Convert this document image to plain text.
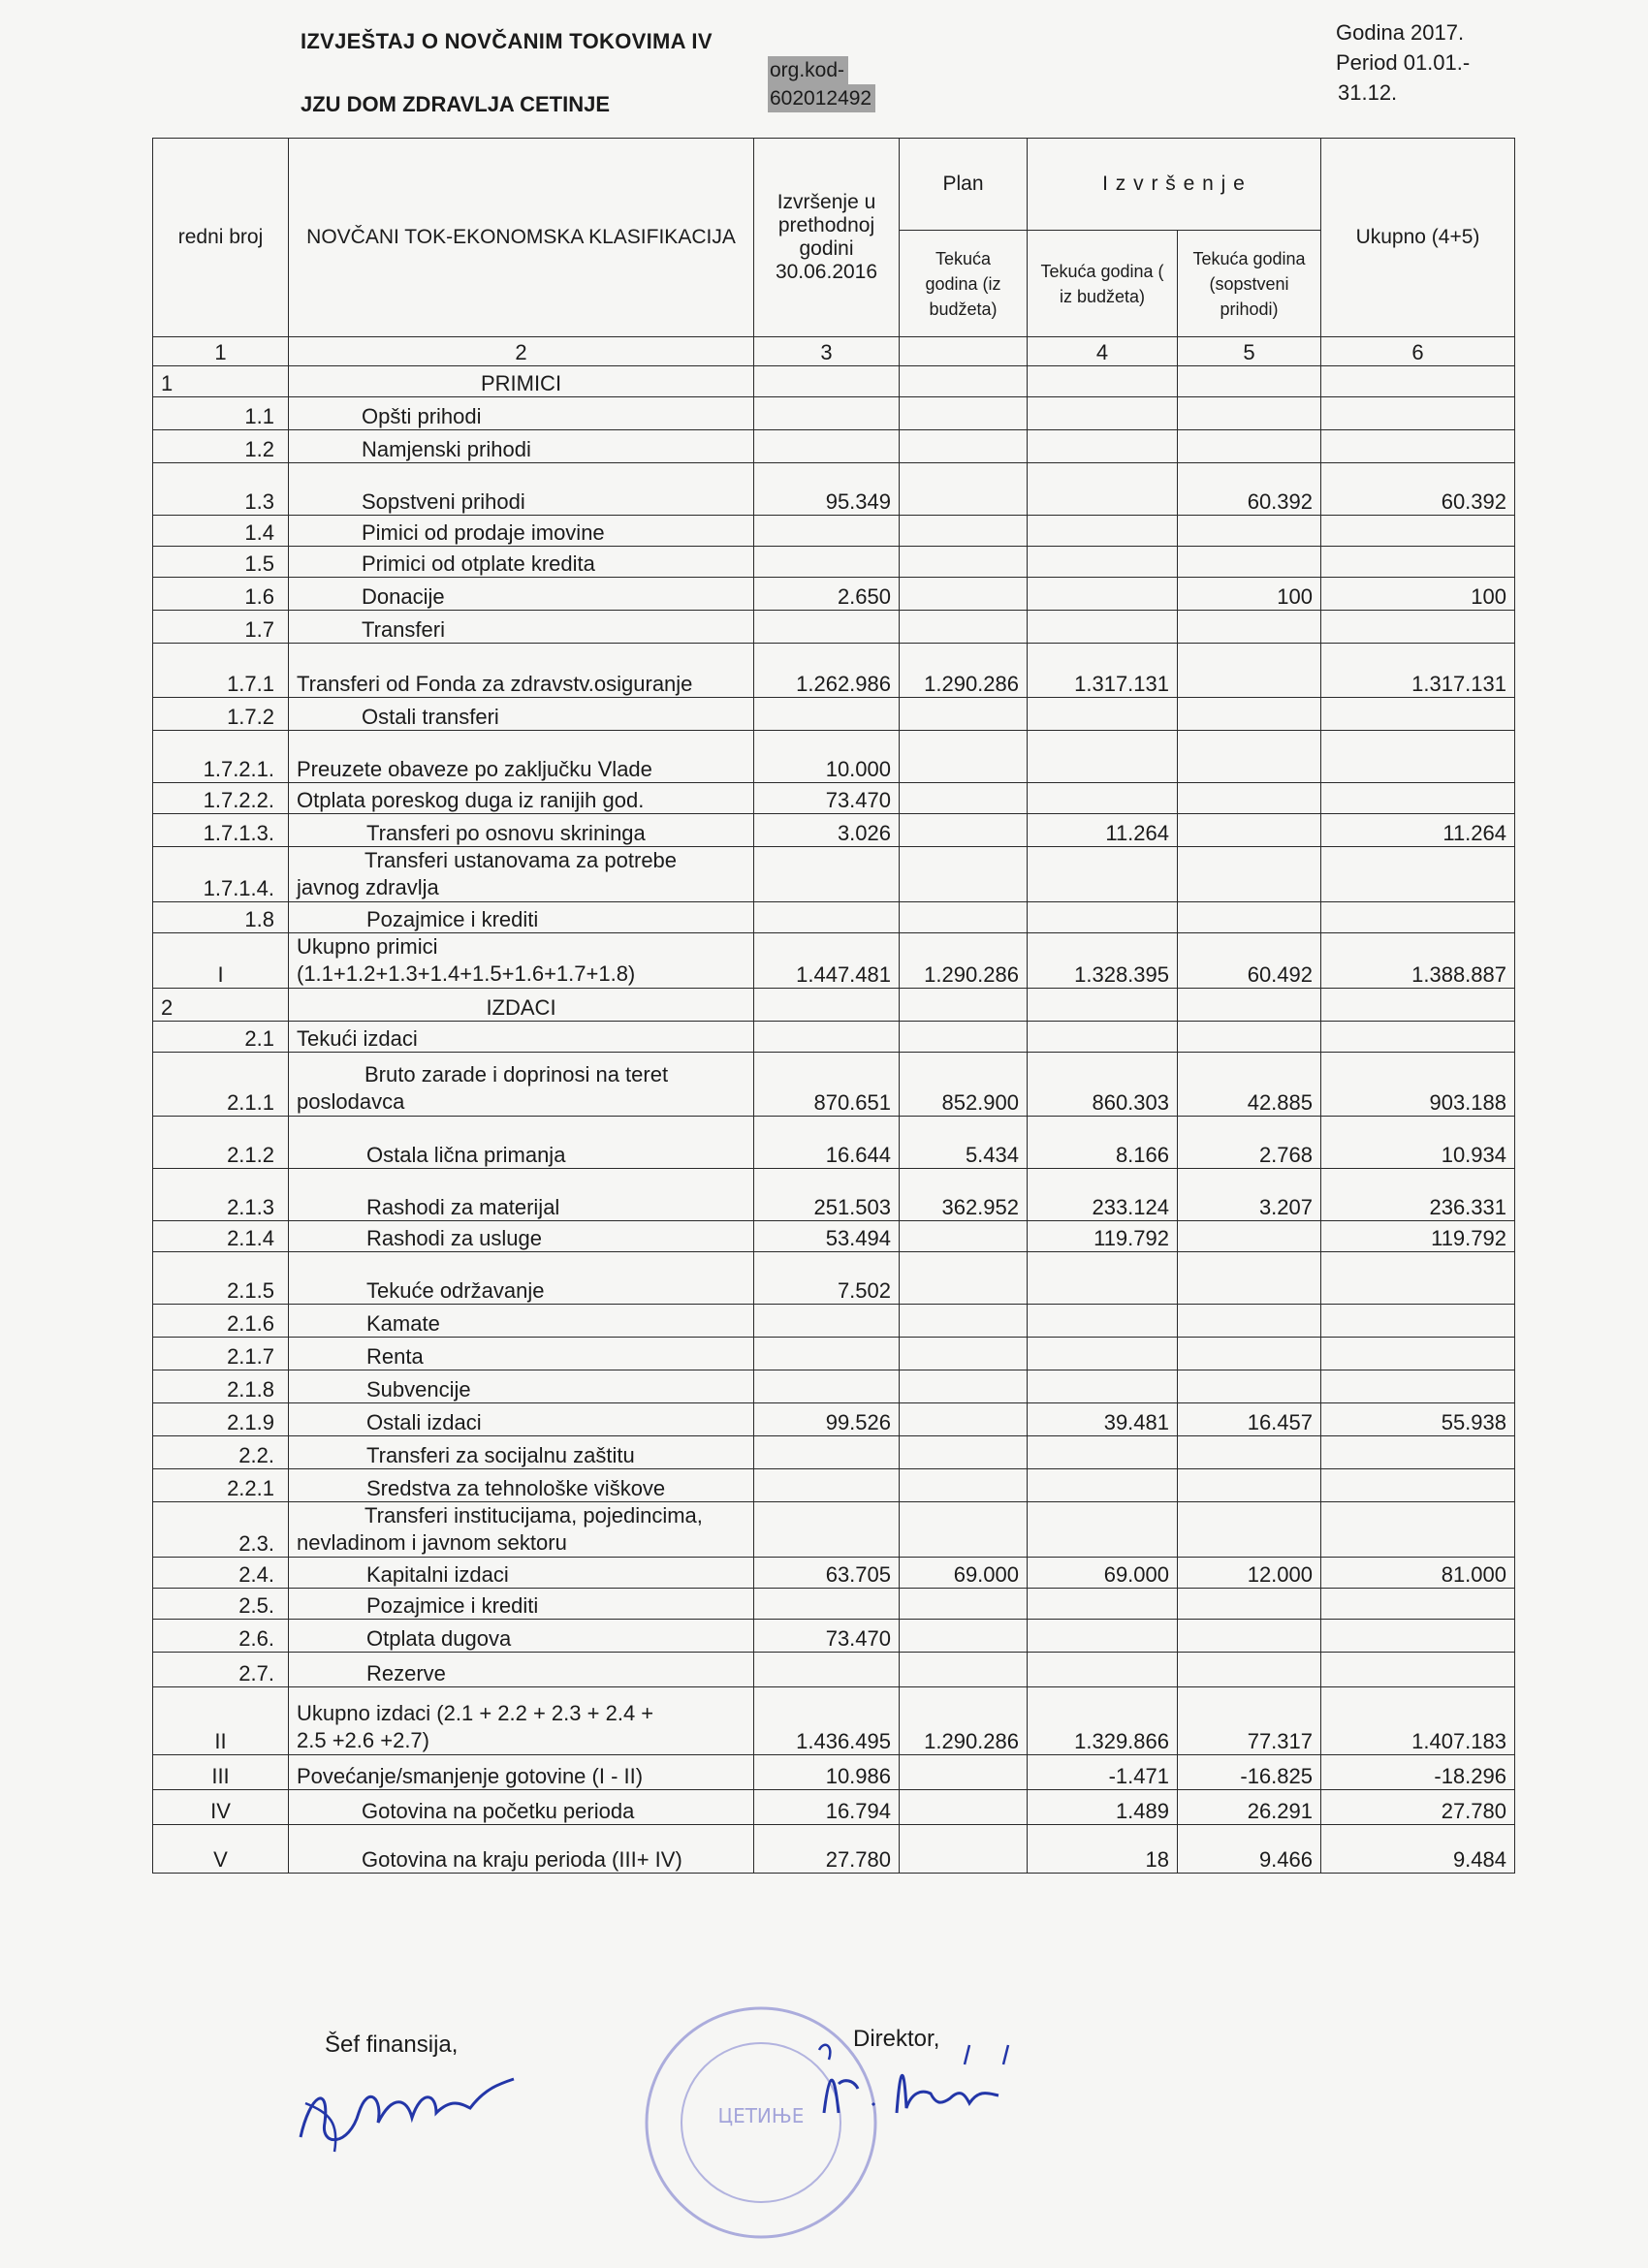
IZVJEŠTAJ O NOVČANIM TOKOVIMA IV
JZU DOM ZDRAVLJA CETINJE
org.kod-
602012492
Godina 2017.
Period 01.01.-
31.12.
redni broj	NOVČANI TOK-EKONOMSKA KLASIFIKACIJA	Izvršenje u prethodnoj godini 30.06.2016	Plan	I z v r š e n j e		Ukupno (4+5)
			Tekuća godina (iz budžeta)	Tekuća godina ( iz budžeta)	Tekuća godina (sopstveni prihodi)	
1	2	3		4	5	6
1	PRIMICI					
1.1	Opšti prihodi					
1.2	Namjenski prihodi					
1.3	Sopstveni prihodi	95.349			60.392	60.392
1.4	Pimici od prodaje imovine					
1.5	Primici od otplate kredita					
1.6	Donacije	2.650			100	100
1.7	Transferi					
1.7.1	Transferi od Fonda za zdravstv.osiguranje	1.262.986	1.290.286	1.317.131		1.317.131
1.7.2	Ostali transferi					
1.7.2.1.	Preuzete obaveze po zaključku Vlade	10.000				
1.7.2.2.	Otplata poreskog duga iz ranijih god.	73.470				
1.7.1.3.	Transferi po osnovu skrininga	3.026		11.264		11.264
1.7.1.4.	Transferi ustanovama za potrebe
javnog zdravlja					

1.8	Pozajmice i krediti					
I	Ukupno primici
(1.1+1.2+1.3+1.4+1.5+1.6+1.7+1.8)	1.447.481	1.290.286	1.328.395	60.492	1.388.887
2	IZDACI					
2.1	Tekući izdaci					
2.1.1	Bruto zarade i doprinosi na teret
poslodavca	870.651	852.900	860.303	42.885	903.188
2.1.2	Ostala lična primanja	16.644	5.434	8.166	2.768	10.934
2.1.3	Rashodi za materijal	251.503	362.952	233.124	3.207	236.331
2.1.4	Rashodi za usluge	53.494		119.792		119.792
2.1.5	Tekuće održavanje	7.502				
2.1.6	Kamate					
2.1.7	Renta					
2.1.8	Subvencije					
2.1.9	Ostali izdaci	99.526		39.481	16.457	55.938
2.2.	Transferi za socijalnu zaštitu					
2.2.1	Sredstva za tehnološke viškove					
2.3.	Transferi institucijama, pojedincima,
nevladinom i javnom sektoru					

2.4.	Kapitalni izdaci	63.705	69.000	69.000	12.000	81.000
2.5.	Pozajmice i krediti					
2.6.	Otplata dugova	73.470				
2.7.	Rezerve					
II	Ukupno izdaci (2.1 + 2.2 + 2.3 + 2.4 +
2.5 +2.6 +2.7)	1.436.495	1.290.286	1.329.866	77.317	1.407.183
III	Povećanje/smanjenje gotovine (I - II)	10.986		-1.471	-16.825	-18.296
IV	Gotovina na početku perioda	16.794		1.489	26.291	27.780
V	Gotovina na kraju perioda (III+ IV)	27.780		18	9.466	9.484
Šef finansija,	Direktor,
ЦЕТИЊЕ
